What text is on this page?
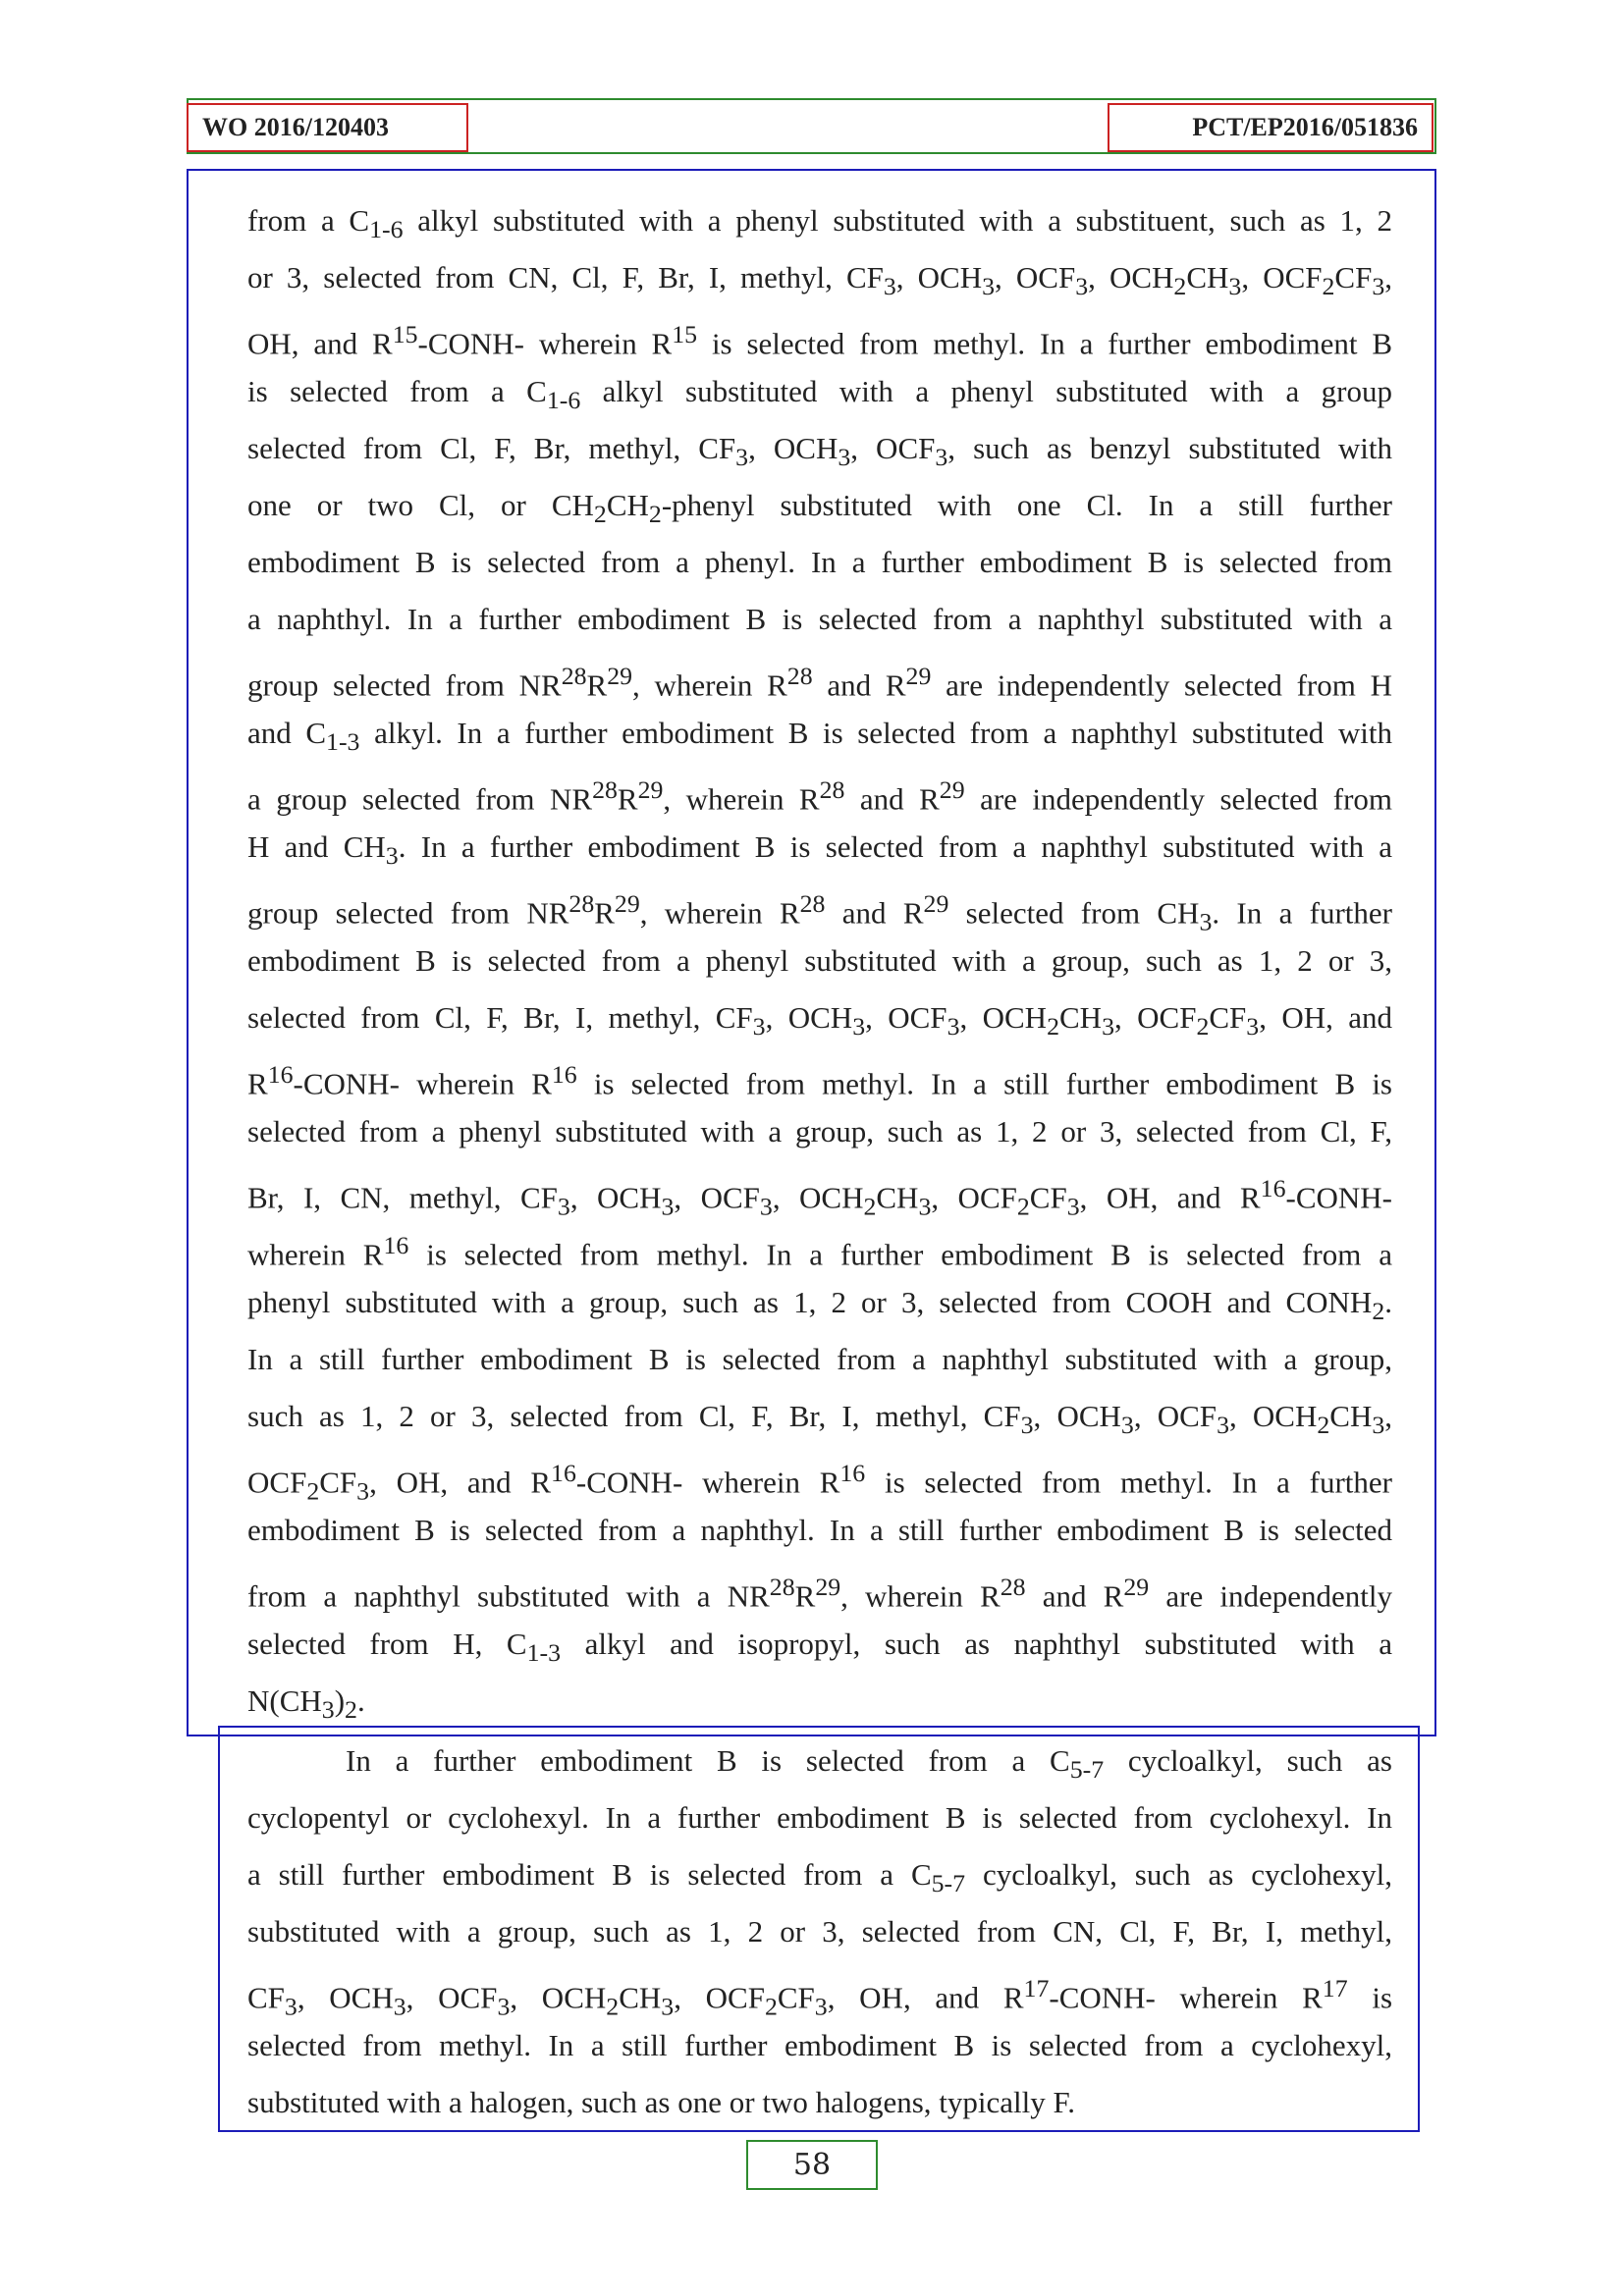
WO 2016/120403	PCT/EP2016/051836
from a $C_{1-6}$ alkyl substituted with a phenyl substituted with a substituent, such as 1, 2
or 3, selected from CN, Cl, F, Br, I, methyl, $CF_3$, $OCH_3$, $OCF_3$, $OCH_2CH_3$, $OCF_2CF_3$,
OH, and $R^{15}-CONH-$ wherein $R^{15}$ is selected from methyl. In a further embodiment B
is selected from a $C_{1-6}$ alkyl substituted with a phenyl substituted with a group
selected from Cl, F, Br, methyl, $CF_3$, $OCH_3$, $OCF_3$, such as benzyl substituted with
one or two Cl, or $CH_2CH_2$-phenyl substituted with one Cl. In a still further
embodiment B is selected from a phenyl. In a further embodiment B is selected from
a naphthyl. In a further embodiment B is selected from a naphthyl substituted with a
group selected from $NR^{28}R^{29}$, wherein $R^{28}$ and $R^{29}$ are independently selected from H
and $C_{1-3}$ alkyl. In a further embodiment B is selected from a naphthyl substituted with
a group selected from $NR^{28}R^{29}$, wherein $R^{28}$ and $R^{29}$ are independently selected from
H and $CH_3$. In a further embodiment B is selected from a naphthyl substituted with a
group selected from $NR^{28}R^{29}$, wherein $R^{28}$ and $R^{29}$ selected from $CH_3$. In a further
embodiment B is selected from a phenyl substituted with a group, such as 1, 2 or 3,
selected from Cl, F, Br, I, methyl, $CF_3$, $OCH_3$, $OCF_3$, $OCH_2CH_3$, $OCF_2CF_3$, OH, and
$R^{16}-CONH-$ wherein $R^{16}$ is selected from methyl. In a still further embodiment B is
selected from a phenyl substituted with a group, such as 1, 2 or 3, selected from Cl, F,
Br, I, CN, methyl, $CF_3$, $OCH_3$, $OCF_3$, $OCH_2CH_3$, $OCF_2CF_3$, OH, and $R^{16}-CONH-$
wherein $R^{16}$ is selected from methyl. In a further embodiment B is selected from a
phenyl substituted with a group, such as 1, 2 or 3, selected from COOH and $CONH_2$.
In a still further embodiment B is selected from a naphthyl substituted with a group,
such as 1, 2 or 3, selected from Cl, F, Br, I, methyl, $CF_3$, $OCH_3$, $OCF_3$, $OCH_2CH_3$,
$OCF_2CF_3$, OH, and $R^{16}-CONH-$ wherein $R^{16}$ is selected from methyl. In a further
embodiment B is selected from a naphthyl. In a still further embodiment B is selected
from a naphthyl substituted with a $NR^{28}R^{29}$, wherein $R^{28}$ and $R^{29}$ are independently
selected from H, $C_{1-3}$ alkyl and isopropyl, such as naphthyl substituted with a
$N(CH_3)_2$.
In a further embodiment B is selected from a $C_{5-7}$ cycloalkyl, such as
cyclopentyl or cyclohexyl. In a further embodiment B is selected from cyclohexyl. In
a still further embodiment B is selected from a $C_{5-7}$ cycloalkyl, such as cyclohexyl,
substituted with a group, such as 1, 2 or 3, selected from CN, Cl, F, Br, I, methyl,
$CF_3$, $OCH_3$, $OCF_3$, $OCH_2CH_3$, $OCF_2CF_3$, OH, and $R^{17}-CONH-$ wherein $R^{17}$ is
selected from methyl. In a still further embodiment B is selected from a cyclohexyl,
substituted with a halogen, such as one or two halogens, typically F.
58
